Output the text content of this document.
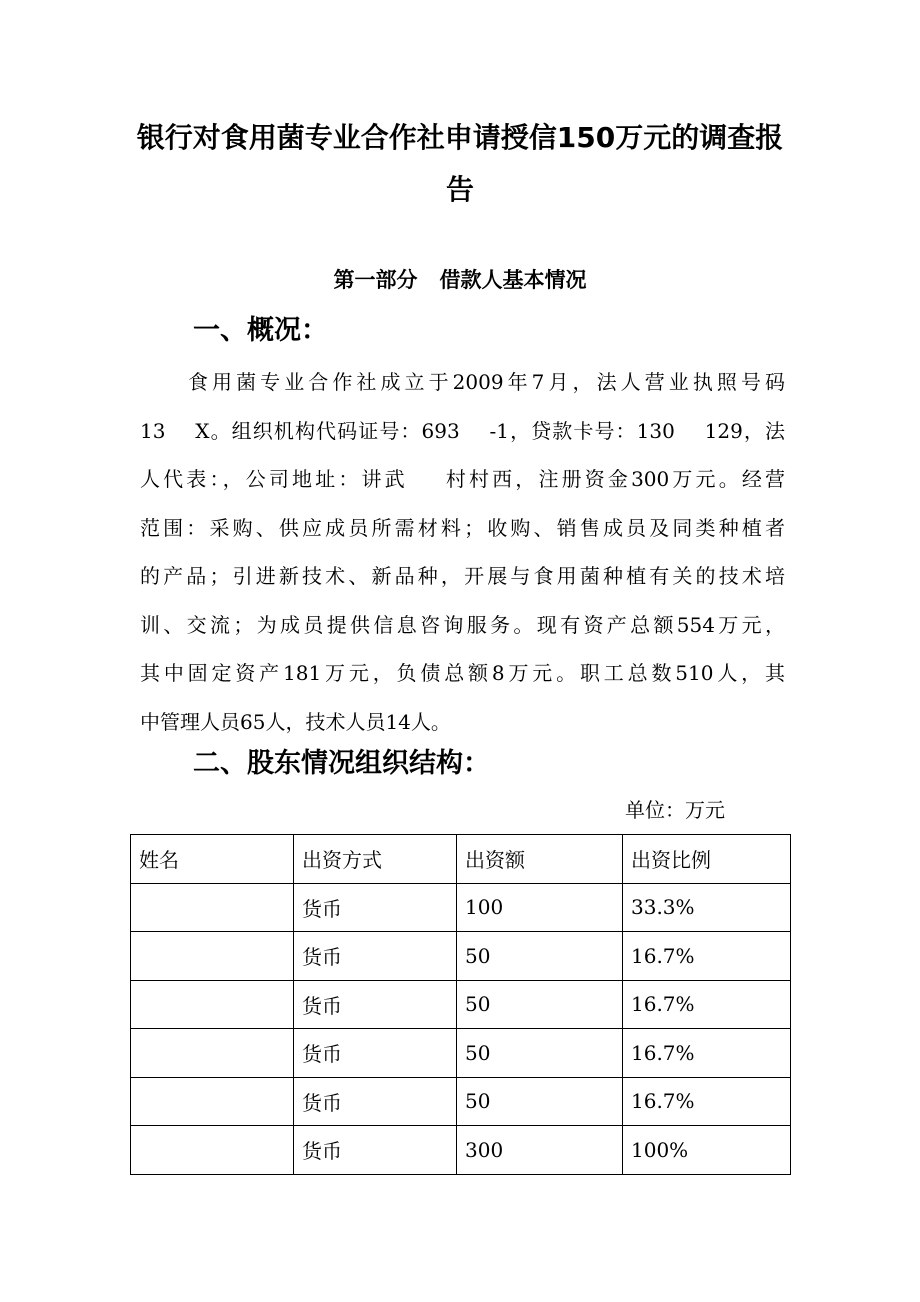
银行对食用菌专业合作社申请授信150万元的调查报告
第一部分   借款人基本情况
一、概况：
食用菌专业合作社成立于2009年7月，法人营业执照号码
13    X。组织机构代码证号：693    -1，贷款卡号：130    129，法
人代表：，公司地址：讲武    村村西，注册资金300万元。经营
范围：采购、供应成员所需材料；收购、销售成员及同类种植者
的产品；引进新技术、新品种，开展与食用菌种植有关的技术培
训、交流；为成员提供信息咨询服务。现有资产总额554万元，
其中固定资产181万元，负债总额8万元。职工总数510人，其
中管理人员65人，技术人员14人。
二、股东情况组织结构：
单位：万元
姓名	出资方式	出资额	出资比例
	货币	100	33.3%
	货币	50	16.7%
	货币	50	16.7%
	货币	50	16.7%
	货币	50	16.7%
	货币	300	100%
